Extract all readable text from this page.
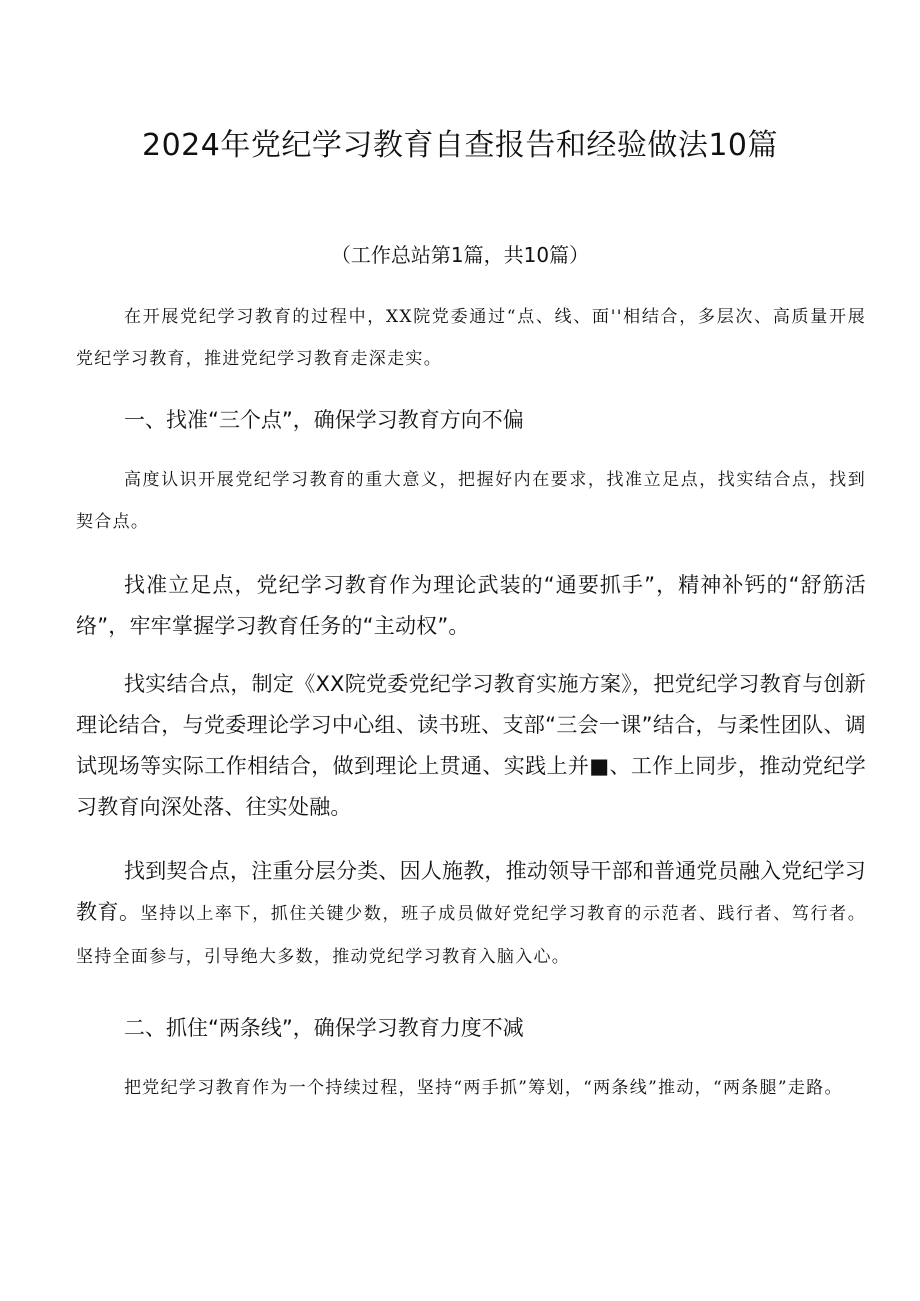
2024年党纪学习教育自查报告和经验做法10篇

（工作总站第1篇，共10篇）

在开展党纪学习教育的过程中，XX院党委通过“点、线、面''相结合，多层次、高质量开展党纪学习教育，推进党纪学习教育走深走实。

一、找准“三个点”，确保学习教育方向不偏

高度认识开展党纪学习教育的重大意义，把握好内在要求，找准立足点，找实结合点，找到契合点。

找准立足点，党纪学习教育作为理论武装的“通要抓手”，精神补钙的“舒筋活络”，牢牢掌握学习教育任务的“主动权”。

找实结合点，制定《XX院党委党纪学习教育实施方案》，把党纪学习教育与创新理论结合，与党委理论学习中心组、读书班、支部“三会一课”结合，与柔性团队、调试现场等实际工作相结合，做到理论上贯通、实践上并■、工作上同步，推动党纪学习教育向深处落、往实处融。

找到契合点，注重分层分类、因人施教，推动领导干部和普通党员融入党纪学习教育。坚持以上率下，抓住关键少数，班子成员做好党纪学习教育的示范者、践行者、笃行者。坚持全面参与，引导绝大多数，推动党纪学习教育入脑入心。

二、抓住“两条线”，确保学习教育力度不减

把党纪学习教育作为一个持续过程，坚持“两手抓”筹划，“两条线”推动，“两条腿”走路。
